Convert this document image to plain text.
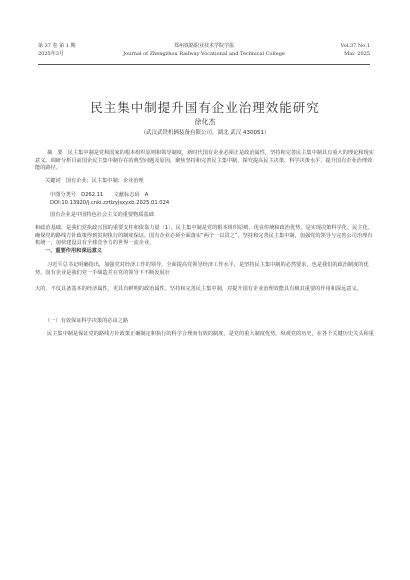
第 37 卷 第 1 期	郑州铁路职业技术学院学报	Vol.37 No.1
2025年3月	Journal of Zhengzhou Railway Vocational and Technical College	Mar. 2025
民主集中制提升国有企业治理效能研究
徐化杰
（武汉武铁机辆装备有限公司，湖北 武汉 430051）
摘　要　民主集中制是党和国家的根本组织原则和领导制度，新时代国有企业必须正是政治属性，坚持和完善民主集中制具有重大的理论和现实意义。调研分析目前国企民主集中制存在的典型问题及原因，聚焦坚持和完善民主集中制，探究提高民主决策、科学决策水平，提升国有企业治理效能的路径。
关键词　国有企业；民主集中制；企业治理
中图分类号　D262.11　　文献标志码　A
DOI:10.13920/j.cnki.zztlzyjsxyxb.2025.01.024
国有企业是中国特色社会主义的重要物质基础
和政治基础，是我们党执政兴国的重要支柱和依靠力量〔1〕。民主集中制是党的根本组织原则、优良传统和政治优势，是实现决策科学化、民主化。确保党的路线方针政策得到贯彻执行的制度保证。国有企业必须全面落实“两个一以贯之”，坚持和完善民主集中制，加强党的领导与完善公司治理有机统一，加快建设具有全球竞争力的世界一流企业。
一、重要作用和深远意义
习近平总书记明确指出，加强党对经济工作的领导，全面提高党领导经济工作水平，是坚持民主集中制的必然要求，也是我们的政治制度的优势。国有企业是我们党一手缔造并在党的领导下不断发展壮
大的，不仅具备基本的经济属性，更具有鲜明的政治属性。坚持和完善民主集中制，对提升国有企业治理效能具有极其重要的作用和深远意义。
（一）有效保证科学决策的必由之路
民主集中制是保证党的路线方针政策正确制定和执行的科学合理而有效的制度，是党的重大制度优势。纵观党的历史，在各个关键历史关头和重
